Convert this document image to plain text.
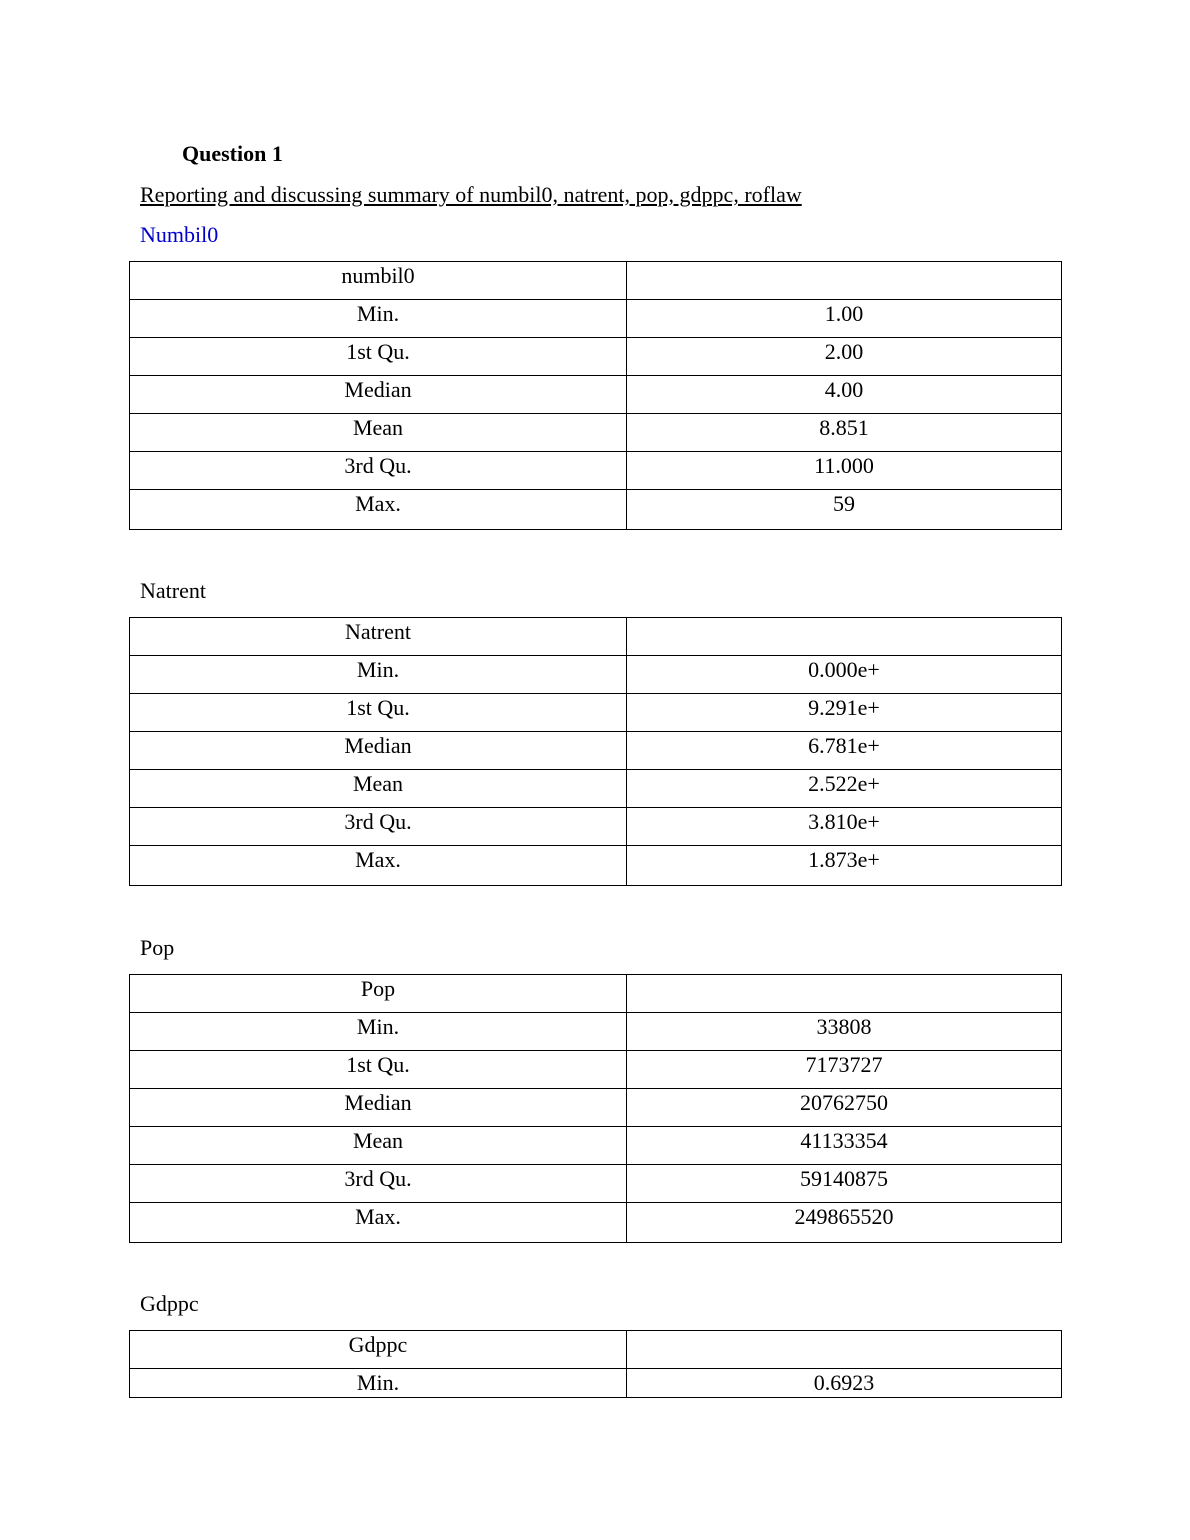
Question 1

Reporting and discussing summary of numbil0, natrent, pop, gdppc, roflaw

Numbil0

numbil0	
Min.	1.00
1st Qu.	2.00
Median	4.00
Mean	8.851
3rd Qu.	11.000
Max.	59

Natrent

Natrent	
Min.	0.000e+
1st Qu.	9.291e+
Median	6.781e+
Mean	2.522e+
3rd Qu.	3.810e+
Max.	1.873e+

Pop

Pop	
Min.	33808
1st Qu.	7173727
Median	20762750
Mean	41133354
3rd Qu.	59140875
Max.	249865520

Gdppc

Gdppc	
Min.	0.6923
